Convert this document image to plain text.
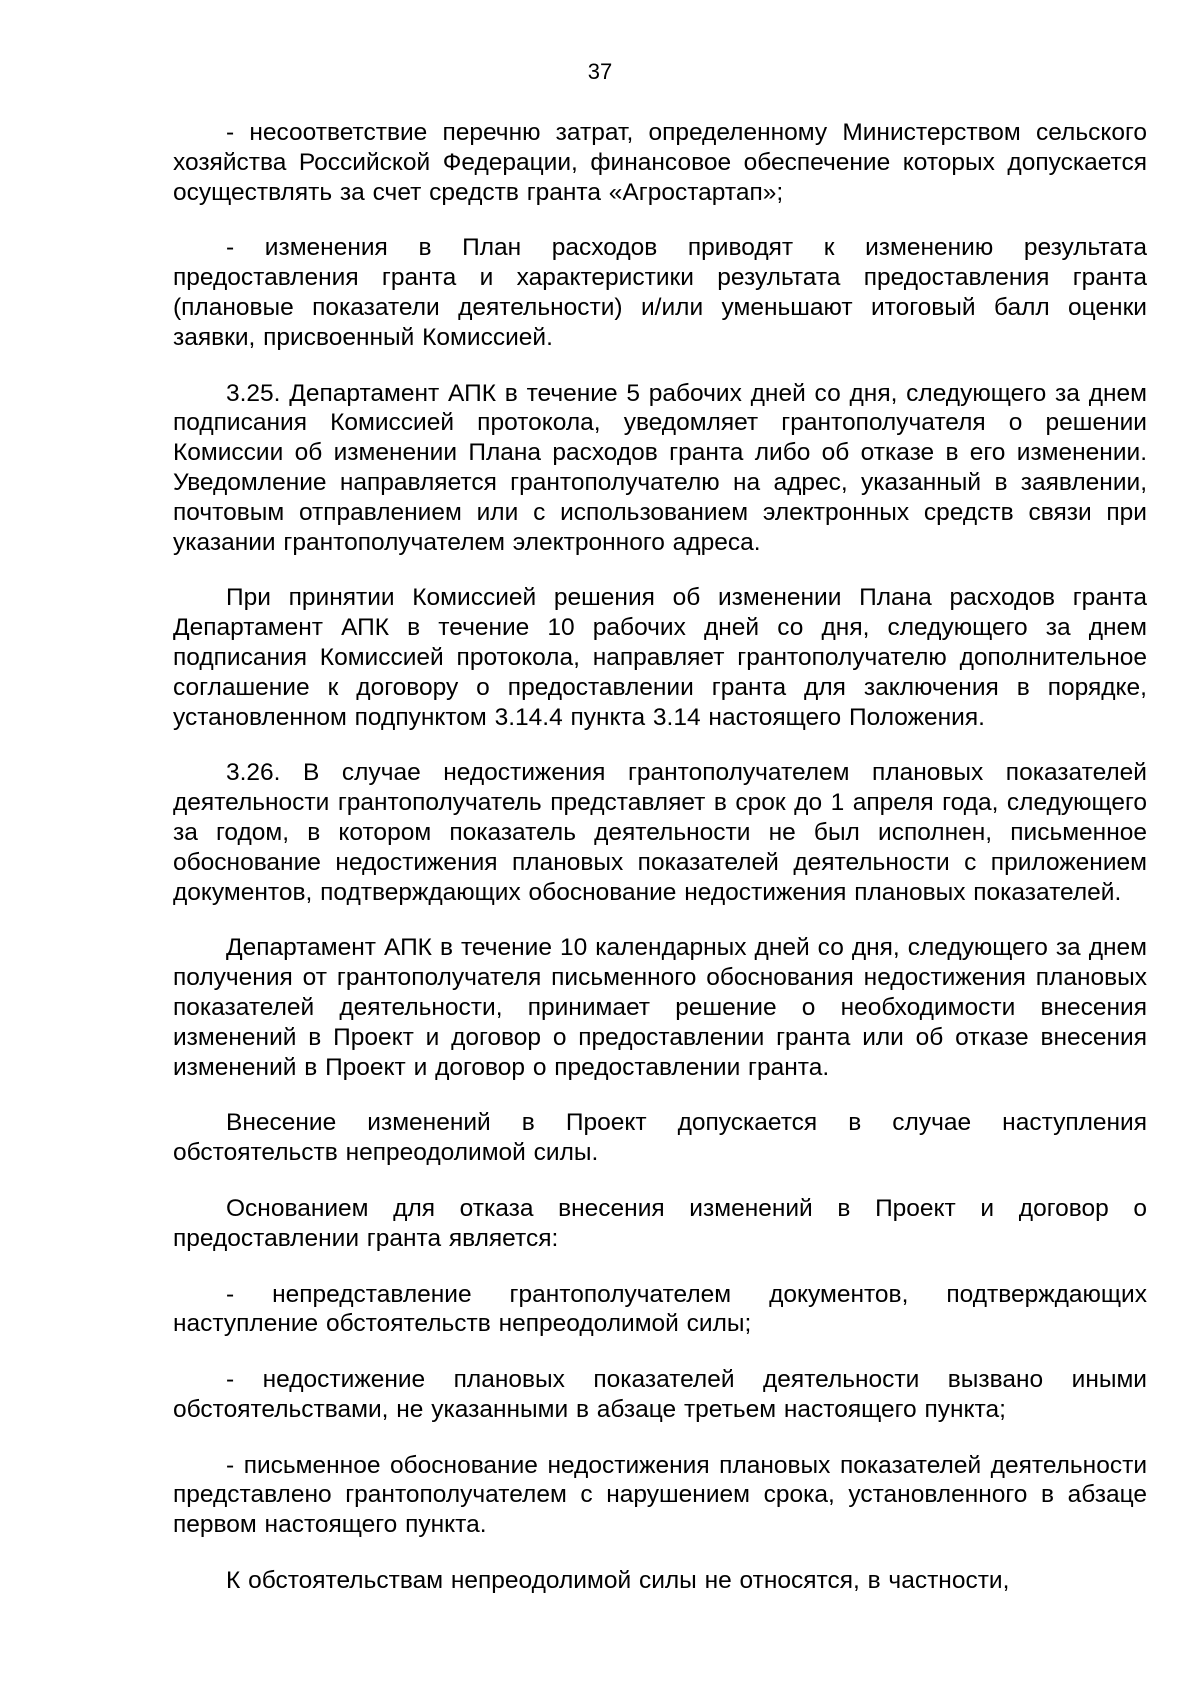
37

- несоответствие перечню затрат, определенному Министерством сельского хозяйства Российской Федерации, финансовое обеспечение которых допускается осуществлять за счет средств гранта «Агростартап»;

- изменения в План расходов приводят к изменению результата предоставления гранта и характеристики результата предоставления гранта (плановые показатели деятельности) и/или уменьшают итоговый балл оценки заявки, присвоенный Комиссией.

3.25. Департамент АПК в течение 5 рабочих дней со дня, следующего за днем подписания Комиссией протокола, уведомляет грантополучателя о решении Комиссии об изменении Плана расходов гранта либо об отказе в его изменении. Уведомление направляется грантополучателю на адрес, указанный в заявлении, почтовым отправлением или с использованием электронных средств связи при указании грантополучателем электронного адреса.

При принятии Комиссией решения об изменении Плана расходов гранта Департамент АПК в течение 10 рабочих дней со дня, следующего за днем подписания Комиссией протокола, направляет грантополучателю дополнительное соглашение к договору о предоставлении гранта для заключения в порядке, установленном подпунктом 3.14.4 пункта 3.14 настоящего Положения.

3.26. В случае недостижения грантополучателем плановых показателей деятельности грантополучатель представляет в срок до 1 апреля года, следующего за годом, в котором показатель деятельности не был исполнен, письменное обоснование недостижения плановых показателей деятельности с приложением документов, подтверждающих обоснование недостижения плановых показателей.

Департамент АПК в течение 10 календарных дней со дня, следующего за днем получения от грантополучателя письменного обоснования недостижения плановых показателей деятельности, принимает решение о необходимости внесения изменений в Проект и договор о предоставлении гранта или об отказе внесения изменений в Проект и договор о предоставлении гранта.

Внесение изменений в Проект допускается в случае наступления обстоятельств непреодолимой силы.

Основанием для отказа внесения изменений в Проект и договор о предоставлении гранта является:

- непредставление грантополучателем документов, подтверждающих наступление обстоятельств непреодолимой силы;

- недостижение плановых показателей деятельности вызвано иными обстоятельствами, не указанными в абзаце третьем настоящего пункта;

- письменное обоснование недостижения плановых показателей деятельности представлено грантополучателем с нарушением срока, установленного в абзаце первом настоящего пункта.

К обстоятельствам непреодолимой силы не относятся, в частности,
